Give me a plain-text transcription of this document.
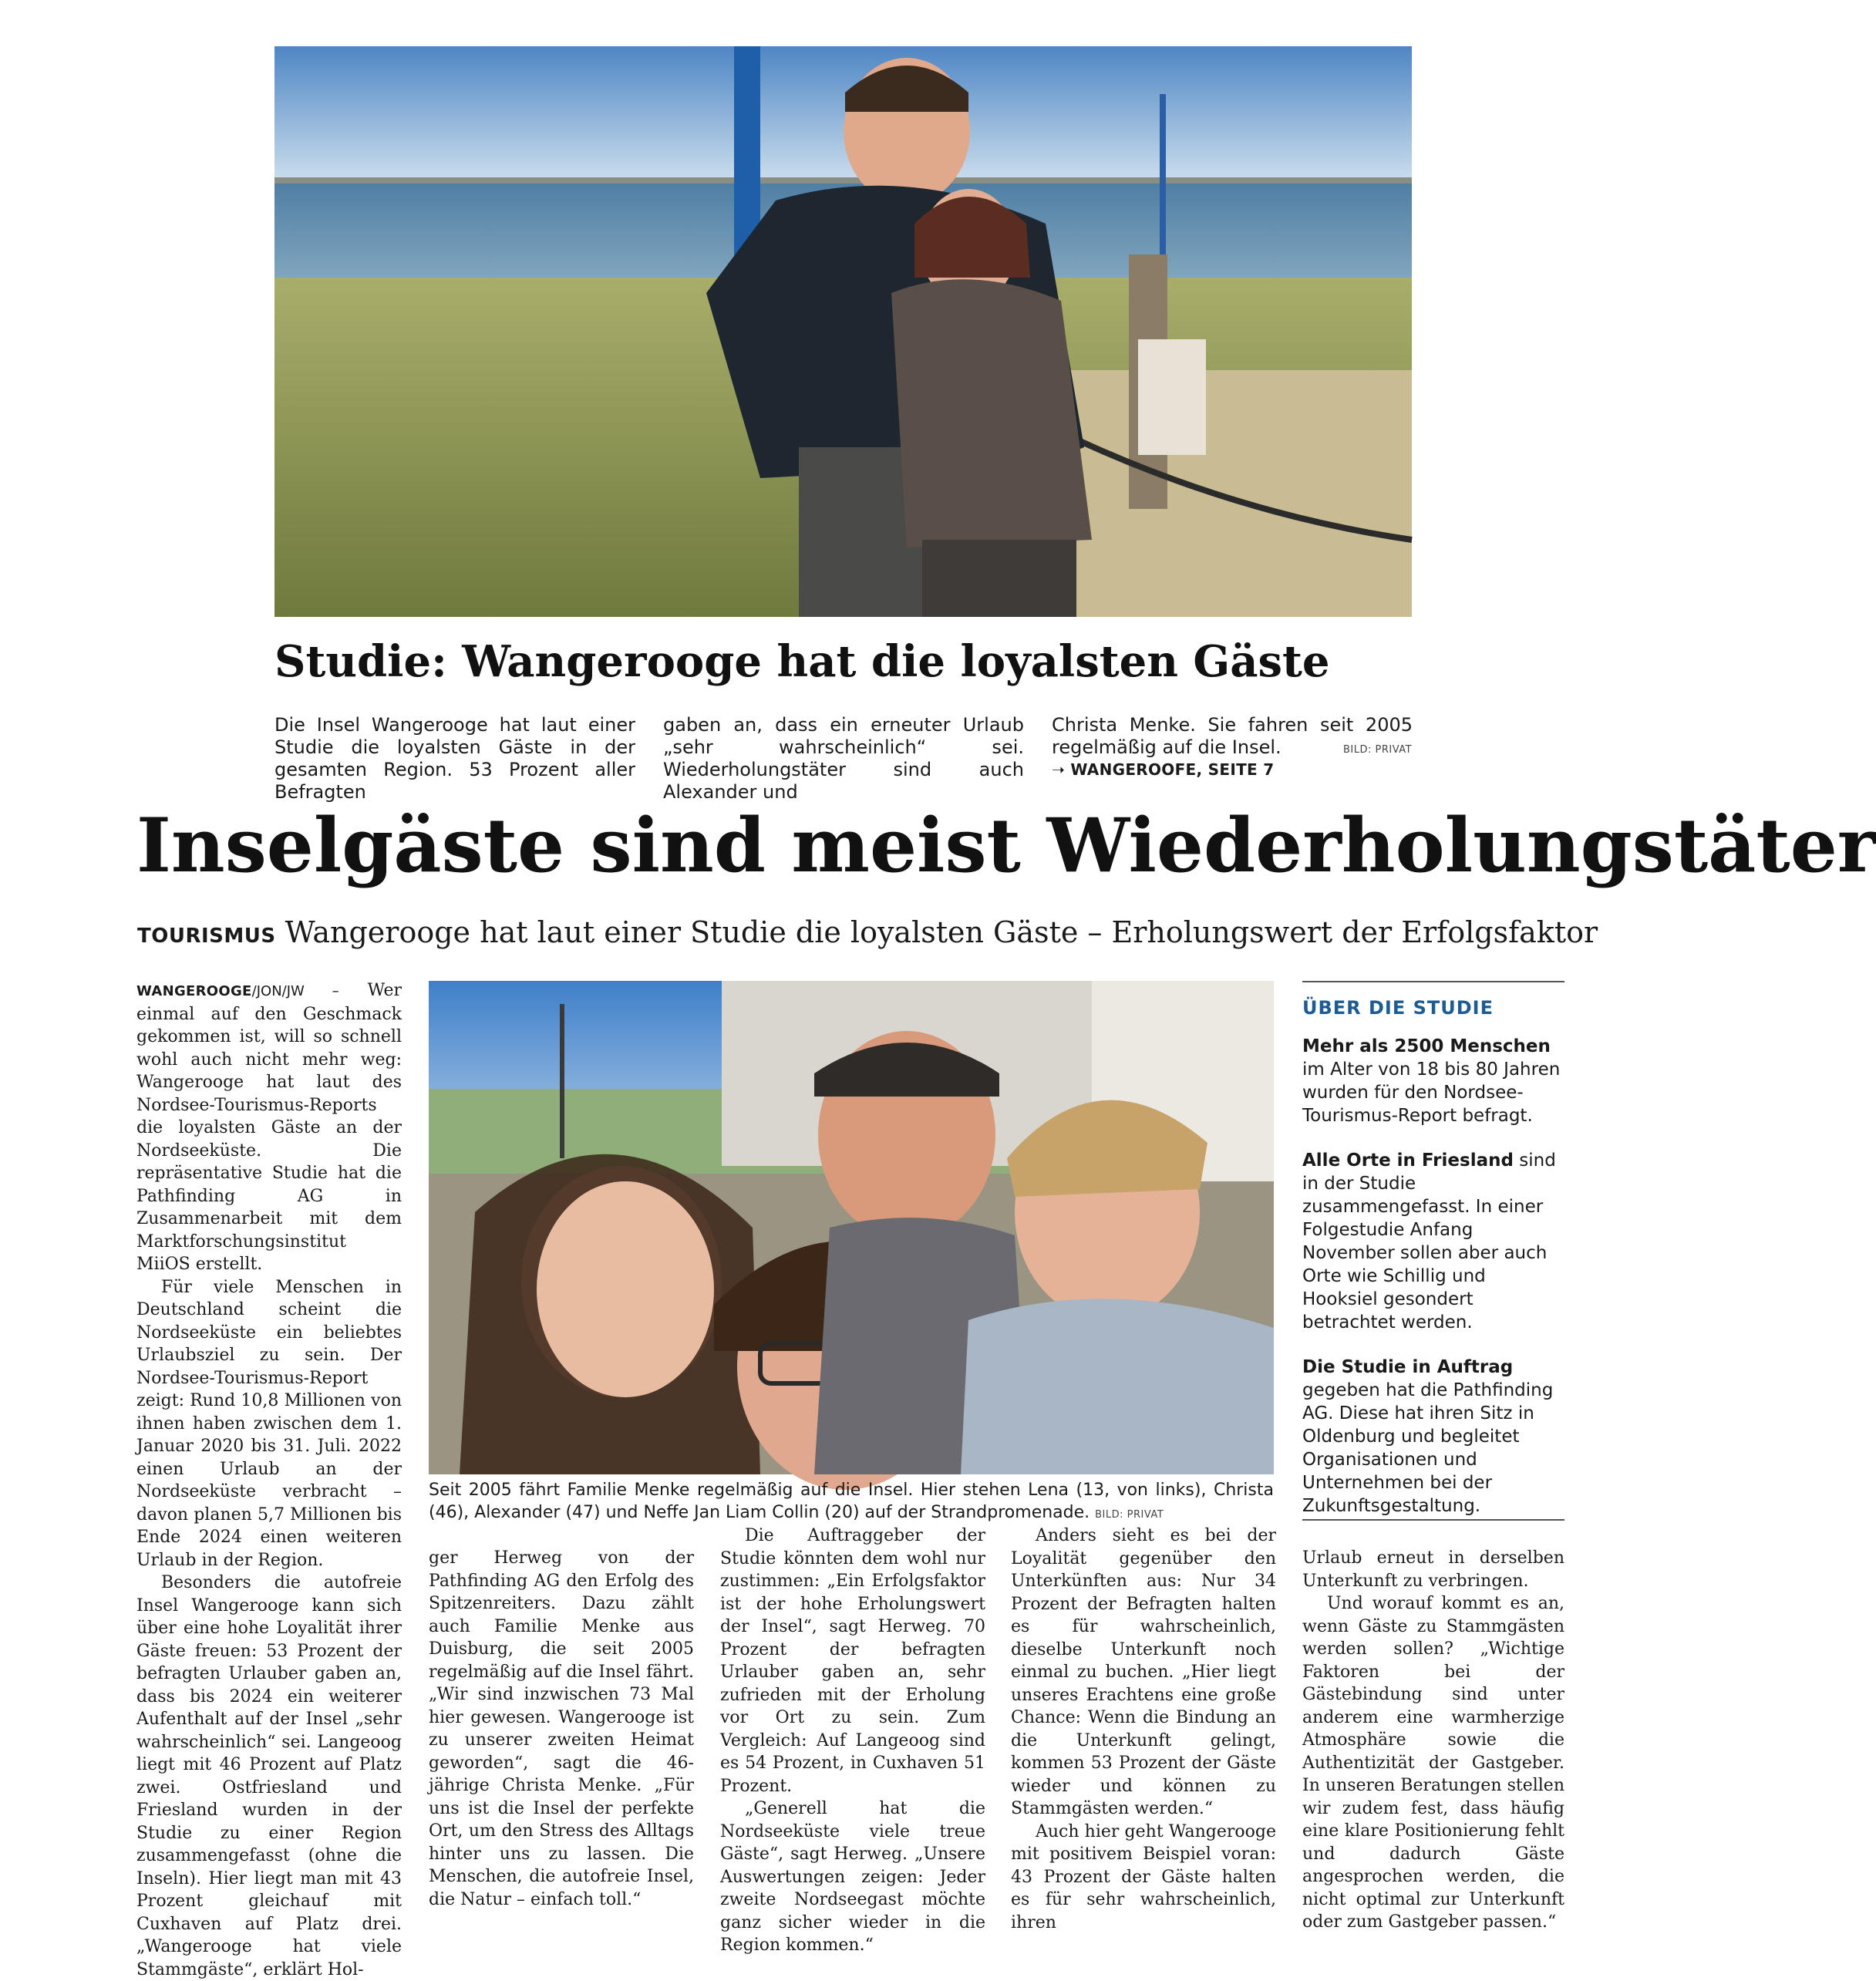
Studie: Wangerooge hat die loyalsten Gäste

Die Insel Wangerooge hat laut einer Studie die loyalsten Gäste in der gesamten Region. 53 Prozent aller Befragten

gaben an, dass ein erneuter Urlaub „sehr wahrscheinlich“ sei. Wiederholungstäter sind auch Alexander und

Christa Menke. Sie fahren seit 2005 regelmäßig auf die Insel.	BILD: PRIVAT
➝ WANGEROOFE, SEITE 7
Inselgäste sind meist Wiederholungstäter
TOURISMUS Wangerooge hat laut einer Studie die loyalsten Gäste – Erholungswert der Erfolgsfaktor

WANGEROOGE/JON/JW – Wer einmal auf den Geschmack gekommen ist, will so schnell wohl auch nicht mehr weg: Wangerooge hat laut des Nordsee-Tourismus-Reports die loyalsten Gäste an der Nordseeküste. Die repräsentative Studie hat die Pathfinding AG in Zusammenarbeit mit dem Marktforschungsinstitut MiiOS erstellt.

Für viele Menschen in Deutschland scheint die Nordseeküste ein beliebtes Urlaubsziel zu sein. Der Nordsee-Tourismus-Report zeigt: Rund 10,8 Millionen von ihnen haben zwischen dem 1. Januar 2020 bis 31. Juli. 2022 einen Urlaub an der Nordseeküste verbracht – davon planen 5,7 Millionen bis Ende 2024 einen weiteren Urlaub in der Region.

Besonders die autofreie Insel Wangerooge kann sich über eine hohe Loyalität ihrer Gäste freuen: 53 Prozent der befragten Urlauber gaben an, dass bis 2024 ein weiterer Aufenthalt auf der Insel „sehr wahrscheinlich“ sei. Langeoog liegt mit 46 Prozent auf Platz zwei. Ostfriesland und Friesland wurden in der Studie zu einer Region zusammengefasst (ohne die Inseln). Hier liegt man mit 43 Prozent gleichauf mit Cuxhaven auf Platz drei. „Wangerooge hat viele Stammgäste“, erklärt Hol-

Seit 2005 fährt Familie Menke regelmäßig auf die Insel. Hier stehen Lena (13, von links), Christa (46), Alexander (47) und Neffe Jan Liam Collin (20) auf der Strandpromenade. BILD: PRIVAT

ger Herweg von der Pathfinding AG den Erfolg des Spitzenreiters. Dazu zählt auch Familie Menke aus Duisburg, die seit 2005 regelmäßig auf die Insel fährt. „Wir sind inzwischen 73 Mal hier gewesen. Wangerooge ist zu unserer zweiten Heimat geworden“, sagt die 46-jährige Christa Menke. „Für uns ist die Insel der perfekte Ort, um den Stress des Alltags hinter uns zu lassen. Die Menschen, die autofreie Insel, die Natur – einfach toll.“

Die Auftraggeber der Studie könnten dem wohl nur zustimmen: „Ein Erfolgsfaktor ist der hohe Erholungswert der Insel“, sagt Herweg. 70 Prozent der befragten Urlauber gaben an, sehr zufrieden mit der Erholung vor Ort zu sein. Zum Vergleich: Auf Langeoog sind es 54 Prozent, in Cuxhaven 51 Prozent.

„Generell hat die Nordseeküste viele treue Gäste“, sagt Herweg. „Unsere Auswertungen zeigen: Jeder zweite Nordseegast möchte ganz sicher wieder in die Region kommen.“

Anders sieht es bei der Loyalität gegenüber den Unterkünften aus: Nur 34 Prozent der Befragten halten es für wahrscheinlich, dieselbe Unterkunft noch einmal zu buchen. „Hier liegt unseres Erachtens eine große Chance: Wenn die Bindung an die Unterkunft gelingt, kommen 53 Prozent der Gäste wieder und können zu Stammgästen werden.“

Auch hier geht Wangerooge mit positivem Beispiel voran: 43 Prozent der Gäste halten es für sehr wahrscheinlich, ihren

ÜBER DIE STUDIE

Mehr als 2500 Menschen im Alter von 18 bis 80 Jahren wurden für den Nordsee-Tourismus-Report befragt.

Alle Orte in Friesland sind in der Studie zusammengefasst. In einer Folgestudie Anfang November sollen aber auch Orte wie Schillig und Hooksiel gesondert betrachtet werden.

Die Studie in Auftrag gegeben hat die Pathfinding AG. Diese hat ihren Sitz in Oldenburg und begleitet Organisationen und Unternehmen bei der Zukunftsgestaltung.

Urlaub erneut in derselben Unterkunft zu verbringen.

Und worauf kommt es an, wenn Gäste zu Stammgästen werden sollen? „Wichtige Faktoren bei der Gästebindung sind unter anderem eine warmherzige Atmosphäre sowie die Authentizität der Gastgeber. In unseren Beratungen stellen wir zudem fest, dass häufig eine klare Positionierung fehlt und dadurch Gäste angesprochen werden, die nicht optimal zur Unterkunft oder zum Gastgeber passen.“
